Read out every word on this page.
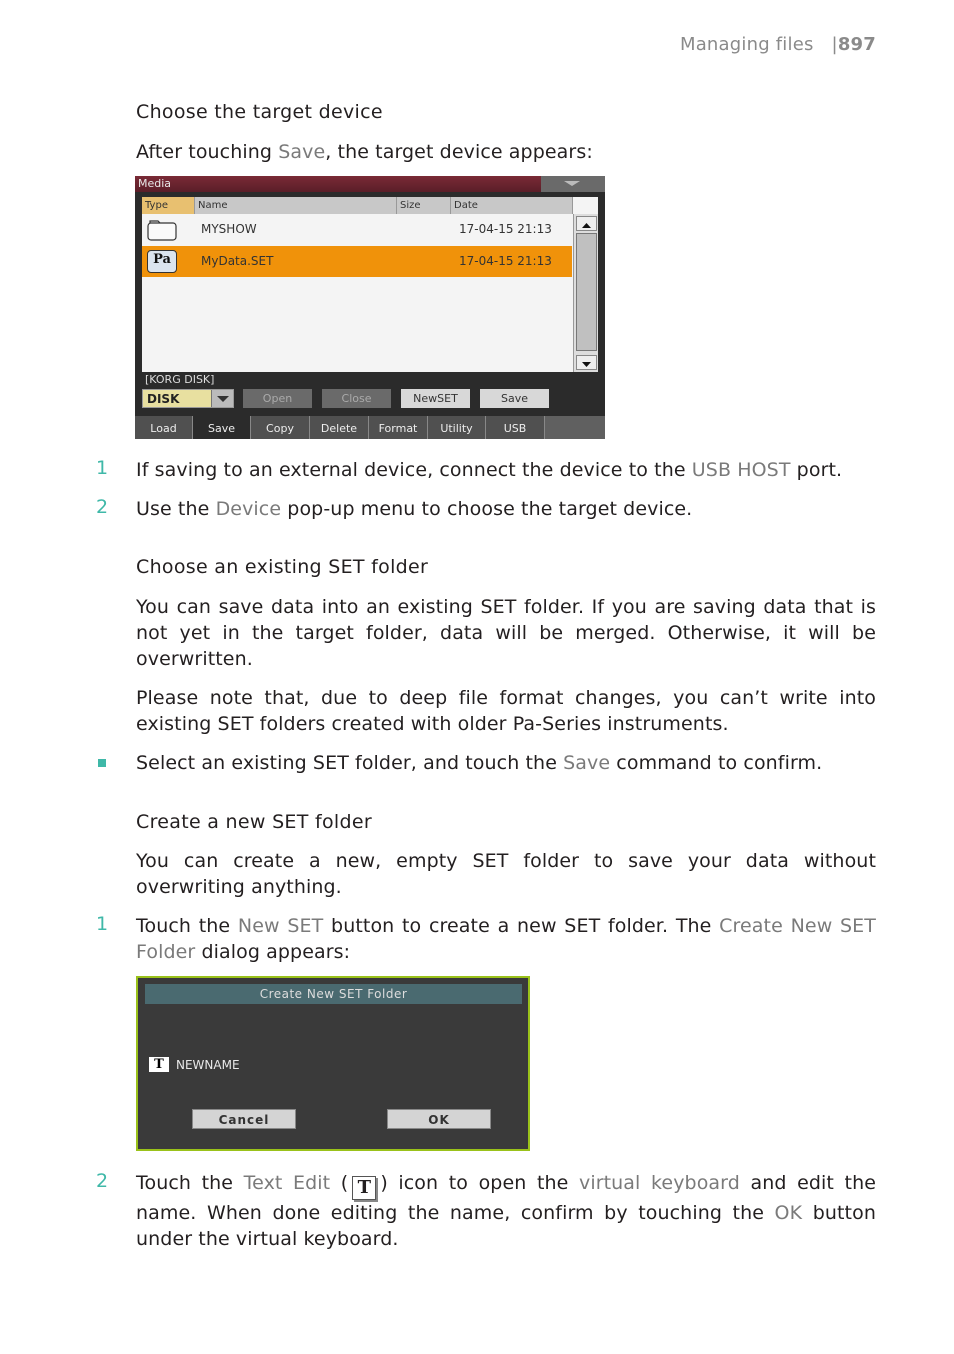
Managing files |897
Choose the target device
After touching Save, the target device appears:
Media
Type	Name	Size	Date
MYSHOW	17-04-15 21:13
Pa	MyData.SET	17-04-15 21:13
[KORG DISK]
DISK	Open	Close	NewSET	Save
Load	Save	Copy	Delete	Format	Utility	USB
1 If saving to an external device, connect the device to the USB HOST port.
2 Use the Device pop-up menu to choose the target device.
Choose an existing SET folder
You can save data into an existing SET folder. If you are saving data that is not yet in the target folder, data will be merged. Otherwise, it will be overwritten.
Please note that, due to deep file format changes, you can’t write into existing SET folders created with older Pa-Series instruments.
Select an existing SET folder, and touch the Save command to confirm.
Create a new SET folder
You can create a new, empty SET folder to save your data without overwriting anything.
1 Touch the New SET button to create a new SET folder. The Create New SET Folder dialog appears:
Create New SET Folder
T	NEWNAME
Cancel	OK
2 Touch the Text Edit ( T ) icon to open the virtual keyboard and edit the name. When done editing the name, confirm by touching the OK button under the virtual keyboard.
